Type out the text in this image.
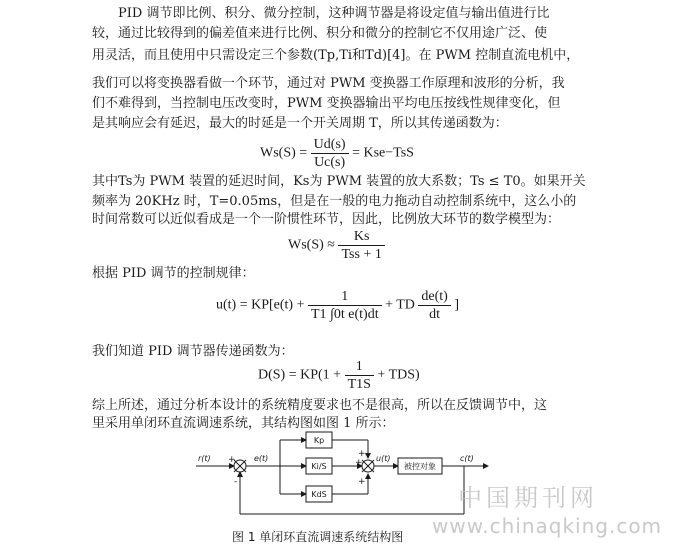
PID 调节即比例、积分、微分控制，这种调节器是将设定值与输出值进行比
较，通过比较得到的偏差值来进行比例、积分和微分的控制它不仅用途广泛、使
用灵活，而且使用中只需设定三个参数(Tp,Ti和Td)[4]。在 PWM 控制直流电机中，
我们可以将变换器看做一个环节，通过对 PWM 变换器工作原理和波形的分析，我
们不难得到，当控制电压改变时，PWM 变换器输出平均电压按线性规律变化，但
是其响应会有延迟，最大的时延是一个开关周期 T，所以其传递函数为：
$Ws(S) = \frac{Ud(s)}{Uc(s)} = Kse-TsS$
其中Ts为 PWM 装置的延迟时间，Ks为 PWM 装置的放大系数；Ts ≤ T0。如果开关
频率为 20KHz 时，T=0.05ms，但是在一般的电力拖动自动控制系统中，这么小的
时间常数可以近似看成是一个一阶惯性环节，因此，比例放大环节的数学模型为：
$Ws(S) \approx \frac{Ks}{\text{Tss + 1}}$
根据 PID 调节的控制规律：
$u(t) = KP[e(t) + \frac{1}{\text{T1 ∫0t e(t)dt}}$ + TD $\frac{de(t)}{dt}$ ]
我们知道 PID 调节器传递函数为：
$D(S) = KP(1 + \frac{1}{T1S} + TDS)$
综上所述，通过分析本设计的系统精度要求也不是很高，所以在反馈调节中，这
里采用单闭环直流调速系统，其结构图如图 1 所示：
r(t)	e(t)	u(t)	c(t)
Kp
Ki/S
KdS
被控对象
+
-
+
+
+
中国期刊网
www.chinaqking.com
图 1 单闭环直流调速系统结构图
